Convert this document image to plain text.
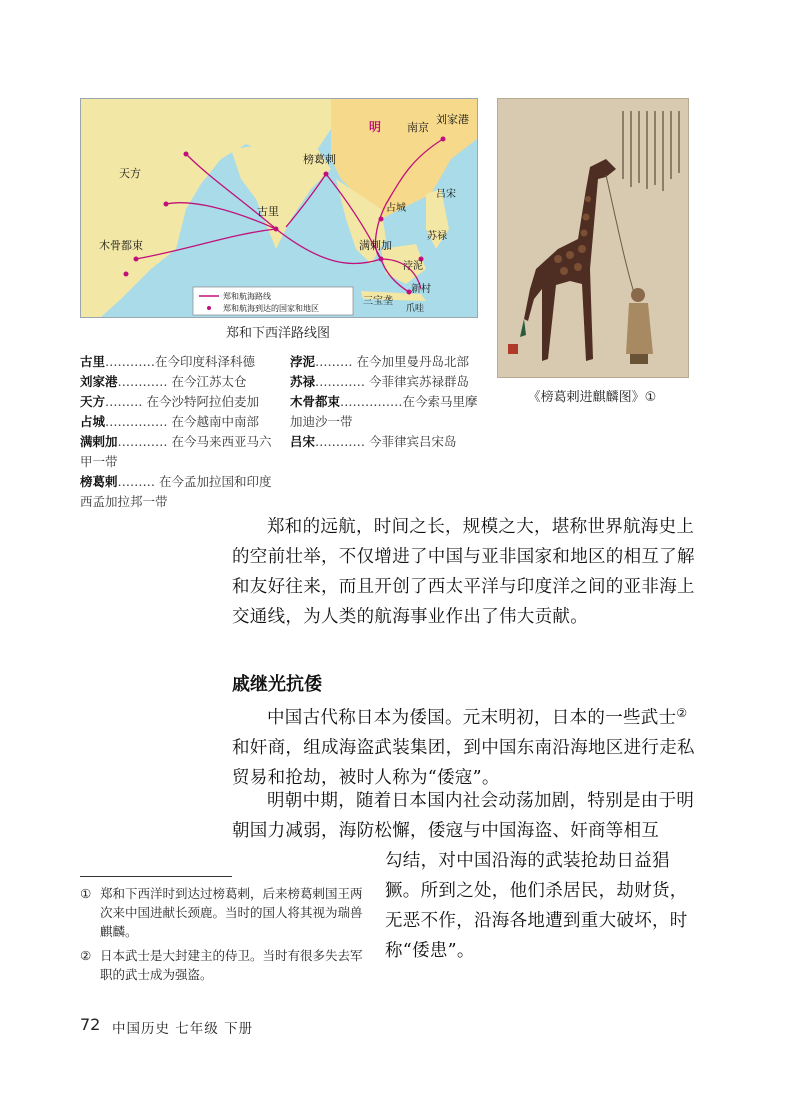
明 南京
刘家港
天方
榜葛剌
古里	占城
吕宋
苏禄
木骨都束	满剌加
浡泥
三宝垄
新村
爪哇
郑和航海路线
郑和航海到达的国家和地区
郑和下西洋路线图
《榜葛剌进麒麟图》①
古里…………在今印度科泽科德
刘家港………… 在今江苏太仓
天方……… 在今沙特阿拉伯麦加
占城…………… 在今越南中南部
满剌加………… 在今马来西亚马六甲一带
榜葛剌……… 在今孟加拉国和印度西孟加拉邦一带
浡泥……… 在今加里曼丹岛北部
苏禄………… 今菲律宾苏禄群岛
木骨都束……………在今索马里摩加迪沙一带
吕宋………… 今菲律宾吕宋岛
郑和的远航，时间之长，规模之大，堪称世界航海史上的空前壮举，不仅增进了中国与亚非国家和地区的相互了解和友好往来，而且开创了西太平洋与印度洋之间的亚非海上交通线，为人类的航海事业作出了伟大贡献。
戚继光抗倭
中国古代称日本为倭国。元末明初，日本的一些武士②和奸商，组成海盗武装集团，到中国东南沿海地区进行走私贸易和抢劫，被时人称为“倭寇”。
明朝中期，随着日本国内社会动荡加剧，特别是由于明朝国力减弱，海防松懈，倭寇与中国海盗、奸商等相互
勾结，对中国沿海的武装抢劫日益猖獗。所到之处，他们杀居民，劫财货，无恶不作，沿海各地遭到重大破坏，时称“倭患”。
① 郑和下西洋时到达过榜葛剌，后来榜葛剌国王两次来中国进献长颈鹿。当时的国人将其视为瑞兽麒麟。
② 日本武士是大封建主的侍卫。当时有很多失去军职的武士成为强盗。
72 中国历史 七年级 下册
